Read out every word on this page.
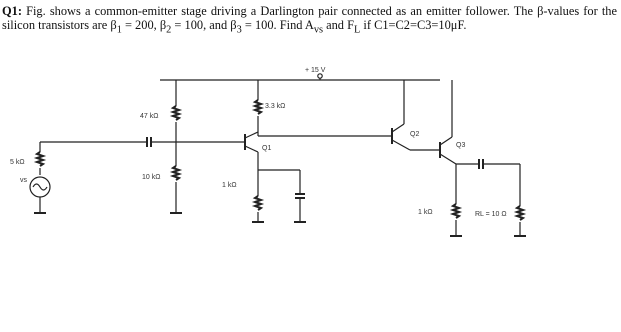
Q1: Fig. shows a common-emitter stage driving a Darlington pair connected as an emitter follower. The β-values for the silicon transistors are $\beta_1 = 200$, $\beta_2 = 100$, and $\beta_3 = 100$. Find $A_{vs}$ and $F_L$ if C1=C2=C3=10μF.

+ 15 V
47 kΩ
5 kΩ
vs	10 kΩ
3.3 kΩ
Q1
1 kΩ
Q2
Q3
1 kΩ	RL = 10 Ω
